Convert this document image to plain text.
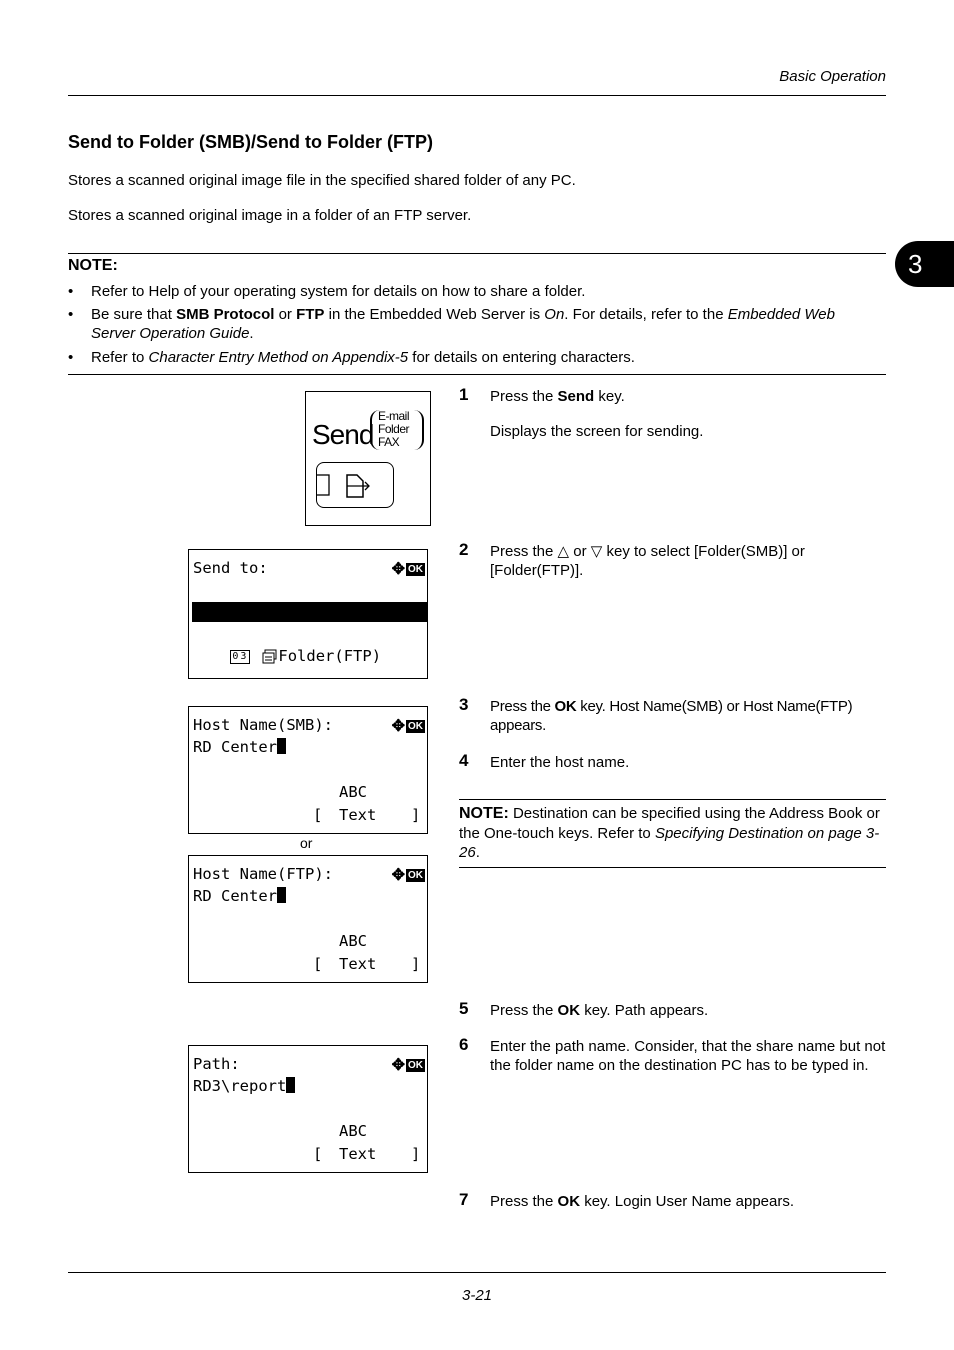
Basic Operation
3
Send to Folder (SMB)/Send to Folder (FTP)
Stores a scanned original image file in the specified shared folder of any PC.
Stores a scanned original image in a folder of an FTP server.
NOTE:
• Refer to Help of your operating system for details on how to share a folder.
• Be sure that SMB Protocol or FTP in the Embedded Web Server is On. For details, refer to the Embedded Web Server Operation Guide.
• Refer to Character Entry Method on Appendix-5 for details on entering characters.
Send
E-mail
Folder
FAX
Send to:	✥ OK

02 Folder(SMB)

03 Folder(FTP)

Host Name(SMB):	✥ OK
RD Center
ABC
[ Text ]
or
Host Name(FTP):	✥ OK
RD Center
ABC
[ Text ]
Path:	✥ OK
RD3\report
ABC
[ Text ]
1 Press the Send key.
Displays the screen for sending.
2 Press the △ or ▽ key to select [Folder(SMB)] or [Folder(FTP)].
3 Press the OK key. Host Name(SMB) or Host Name(FTP) appears.
4 Enter the host name.
NOTE: Destination can be specified using the Address Book or the One-touch keys. Refer to Specifying Destination on page 3-26.
5 Press the OK key. Path appears.
6 Enter the path name. Consider, that the share name but not the folder name on the destination PC has to be typed in.
7 Press the OK key. Login User Name appears.
3-21
